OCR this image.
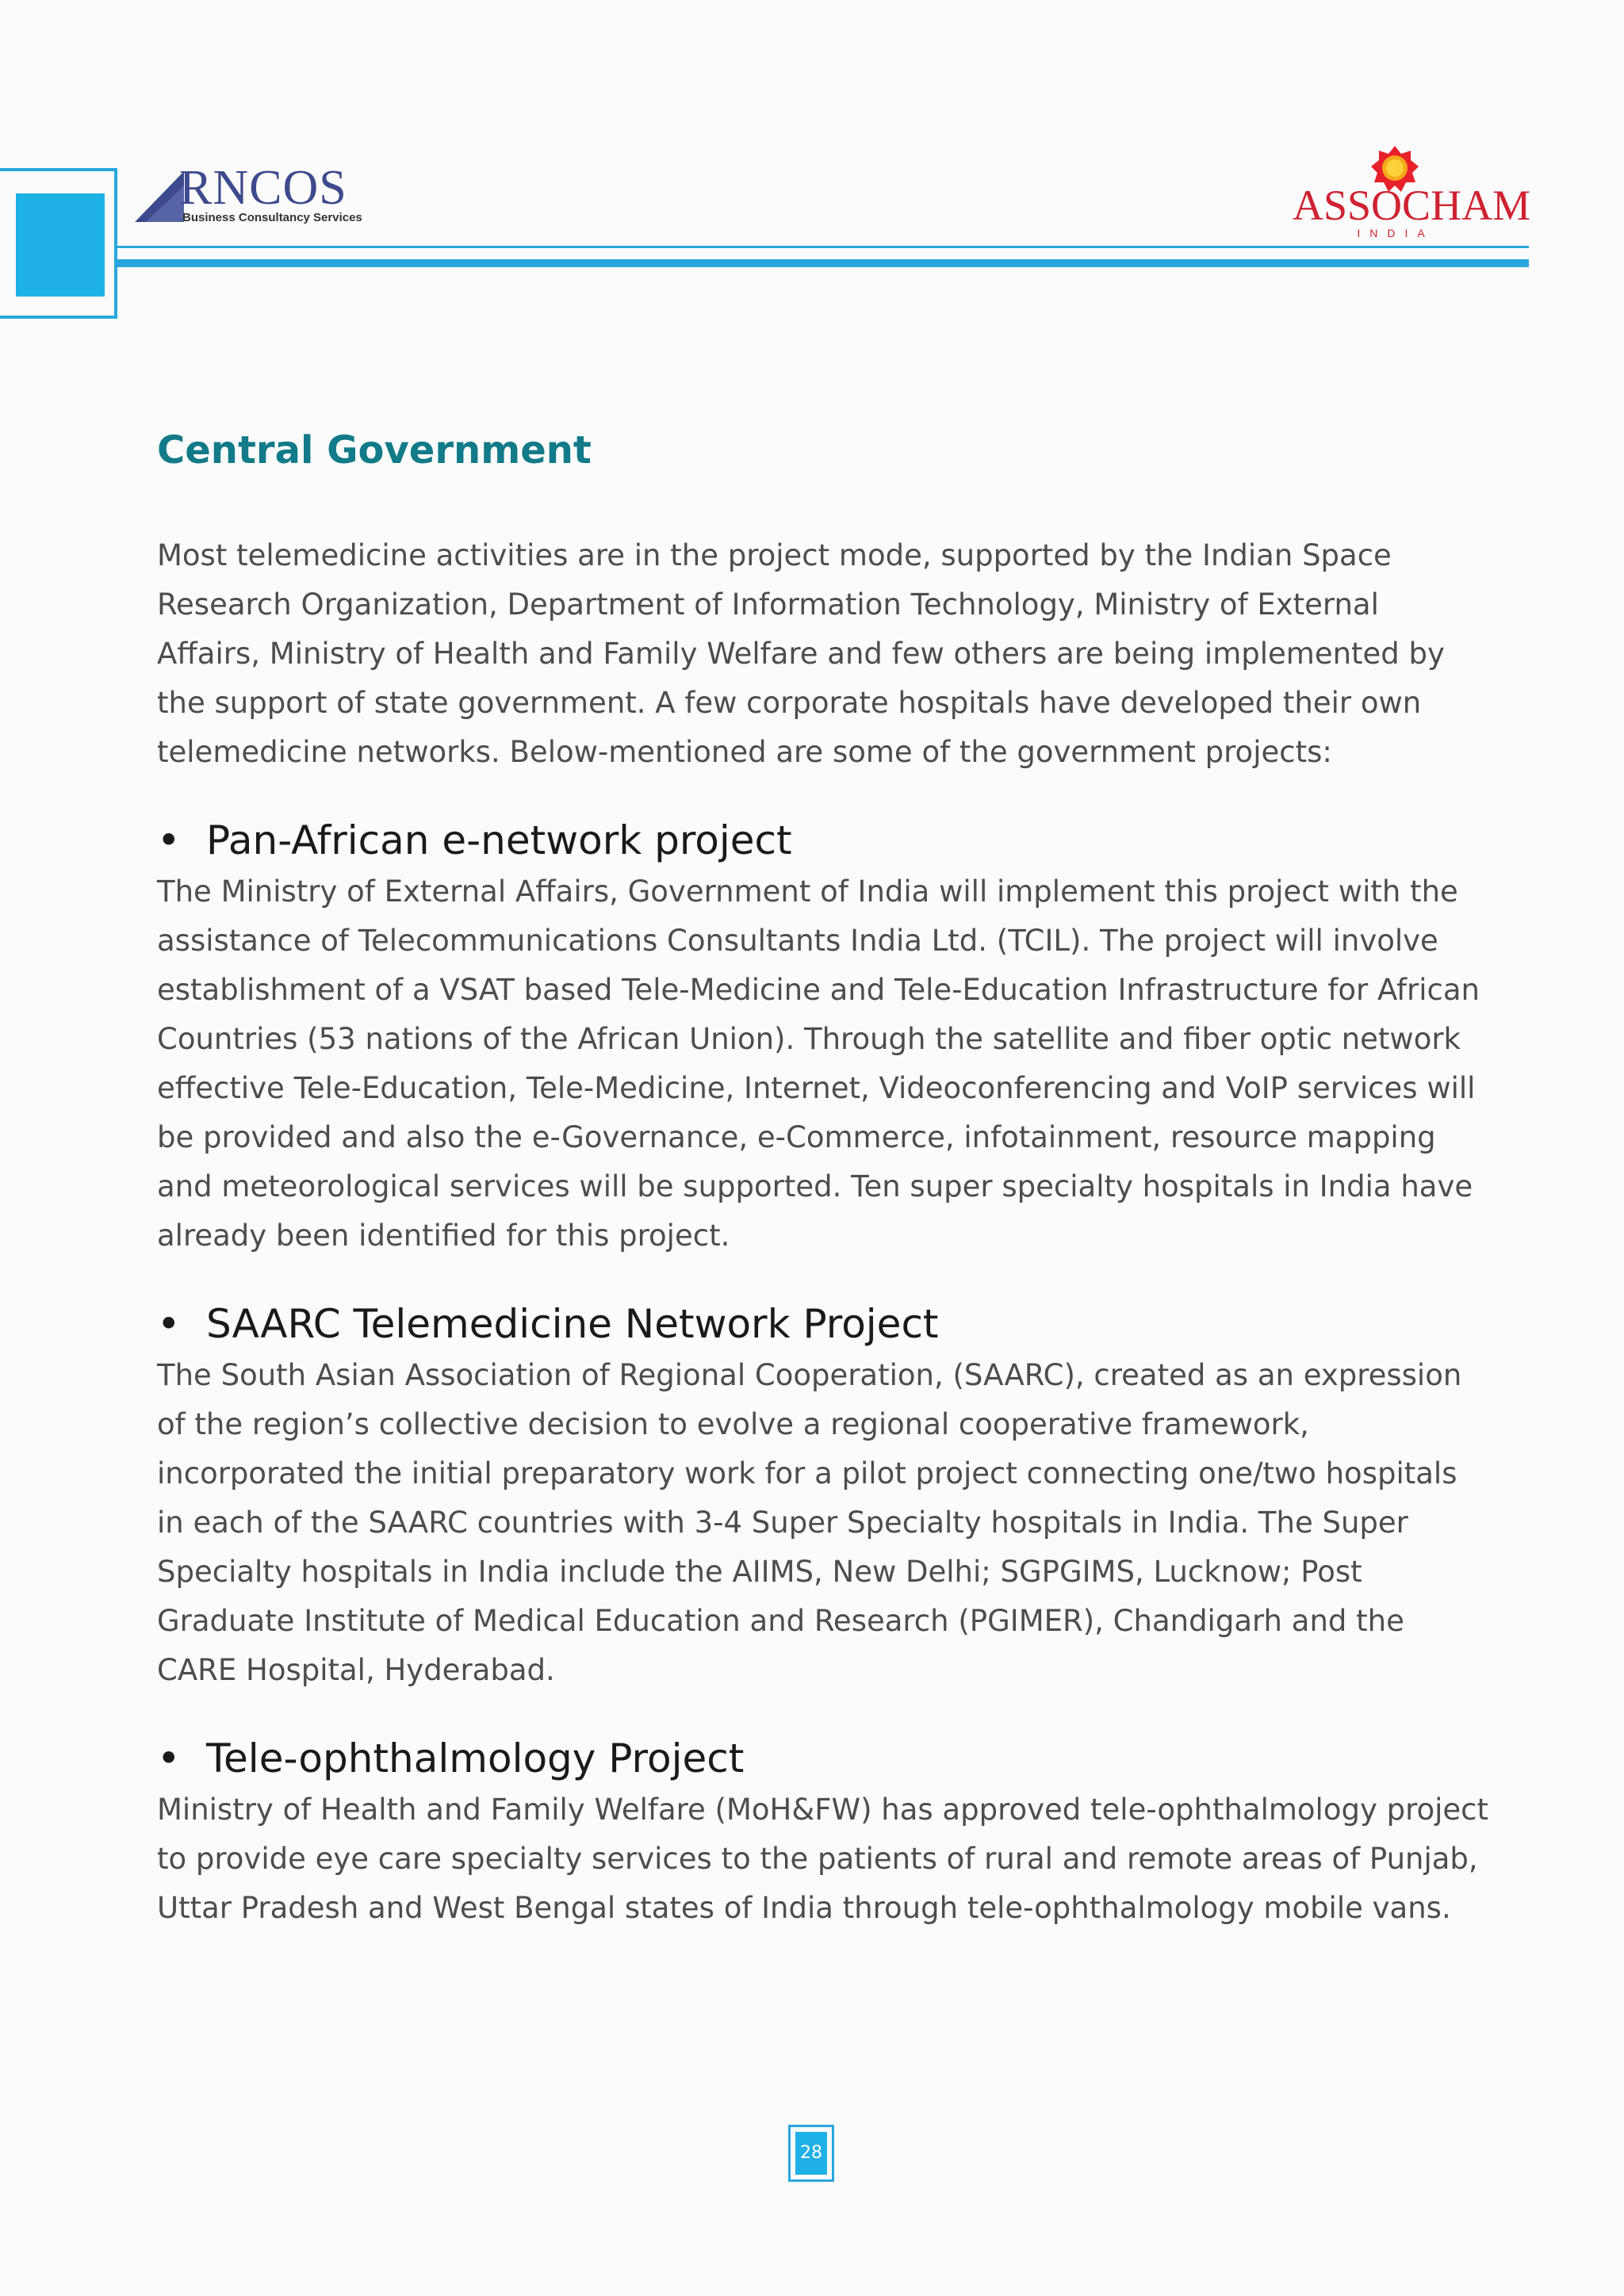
RNCOS
Business Consultancy Services	ASSOCHAM
INDIA
Central Government

Most telemedicine activities are in the project mode, supported by the Indian Space Research Organization, Department of Information Technology, Ministry of External Affairs, Ministry of Health and Family Welfare and few others are being implemented by the support of state government. A few corporate hospitals have developed their own telemedicine networks. Below-mentioned are some of the government projects:

• Pan-African e-network project

The Ministry of External Affairs, Government of India will implement this project with the assistance of Telecommunications Consultants India Ltd. (TCIL). The project will involve establishment of a VSAT based Tele-Medicine and Tele-Education Infrastructure for African Countries (53 nations of the African Union). Through the satellite and fiber optic network effective Tele-Education, Tele-Medicine, Internet, Videoconferencing and VoIP services will be provided and also the e-Governance, e-Commerce, infotainment, resource mapping and meteorological services will be supported. Ten super specialty hospitals in India have already been identified for this project.

• SAARC Telemedicine Network Project

The South Asian Association of Regional Cooperation, (SAARC), created as an expression of the region’s collective decision to evolve a regional cooperative framework, incorporated the initial preparatory work for a pilot project connecting one/two hospitals in each of the SAARC countries with 3-4 Super Specialty hospitals in India. The Super Specialty hospitals in India include the AIIMS, New Delhi; SGPGIMS, Lucknow; Post Graduate Institute of Medical Education and Research (PGIMER), Chandigarh and the CARE Hospital, Hyderabad.

• Tele-ophthalmology Project

Ministry of Health and Family Welfare (MoH&FW) has approved tele-ophthalmology project to provide eye care specialty services to the patients of rural and remote areas of Punjab, Uttar Pradesh and West Bengal states of India through tele-ophthalmology mobile vans.

28
